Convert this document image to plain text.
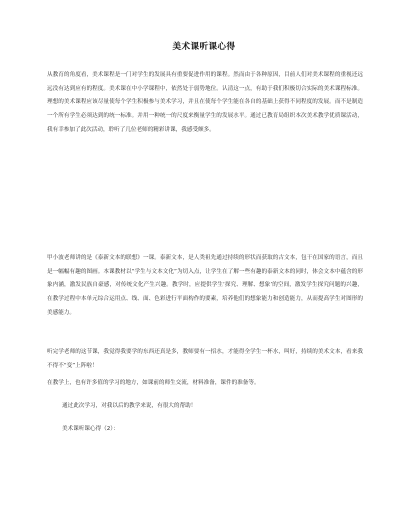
美术课听课心得

从教育的角度看，美术课程是一门对学生的发展具有重要促进作用的课程。然而由于各种原因，目前人们对美术课程的重视还远远没有达到应有的程度。美术课在中小学课程中，依然处于弱势地位。认清这一点，有助于我们积极切合实际的美术课程标准。理想的美术课程应该尽量使每个学生积极参与美术学习，并且在使每个学生能在各自的基础上获得不同程度的发展。而不是制造一个所有学生必须达到的统一标准。并用一种统一的尺度来衡量学生的发展水平。通过已教育局组织本次美术教学优质课活动，我有幸参加了此次活动，聆听了几位老师的精彩讲课，我感受颇多。

甲小波老师讲的是《泰新文本的联想》一课。泰新文本，是人类祖先通过持续的形状而获取的古文本，包干在国家的语言，而且是一幅幅有趣的图画。本课教材以“学生与文本文化”为切入点，让学生在了解一些有趣的泰新文本的同时，体会文本中蕴含的形象内涵，激发民族自豪感，对传统文化产生兴趣。教学时，应提供学生‘探究、理解、想象’的空间，激发学生探究问题的兴趣，在教学过程中本单元综合运用点、线、面、色彩进行平面构作的要素，培养他们的想象能力和创造能力，从而提高学生对图形的美感能力。

听完学老师的这节课，我觉得我要学的东西还真是多，教师要有一招水，才能得全学生一杯水，叫好，持续的美术文本，看来我不得不“变”上阵啦！

在教学上，也有许多值的学习的地方，如课前的师生交流，材料准备，课件的准备等。

通过此次学习，对我以后的教学来说，有很大的帮助！

美术课听课心得（2）：
